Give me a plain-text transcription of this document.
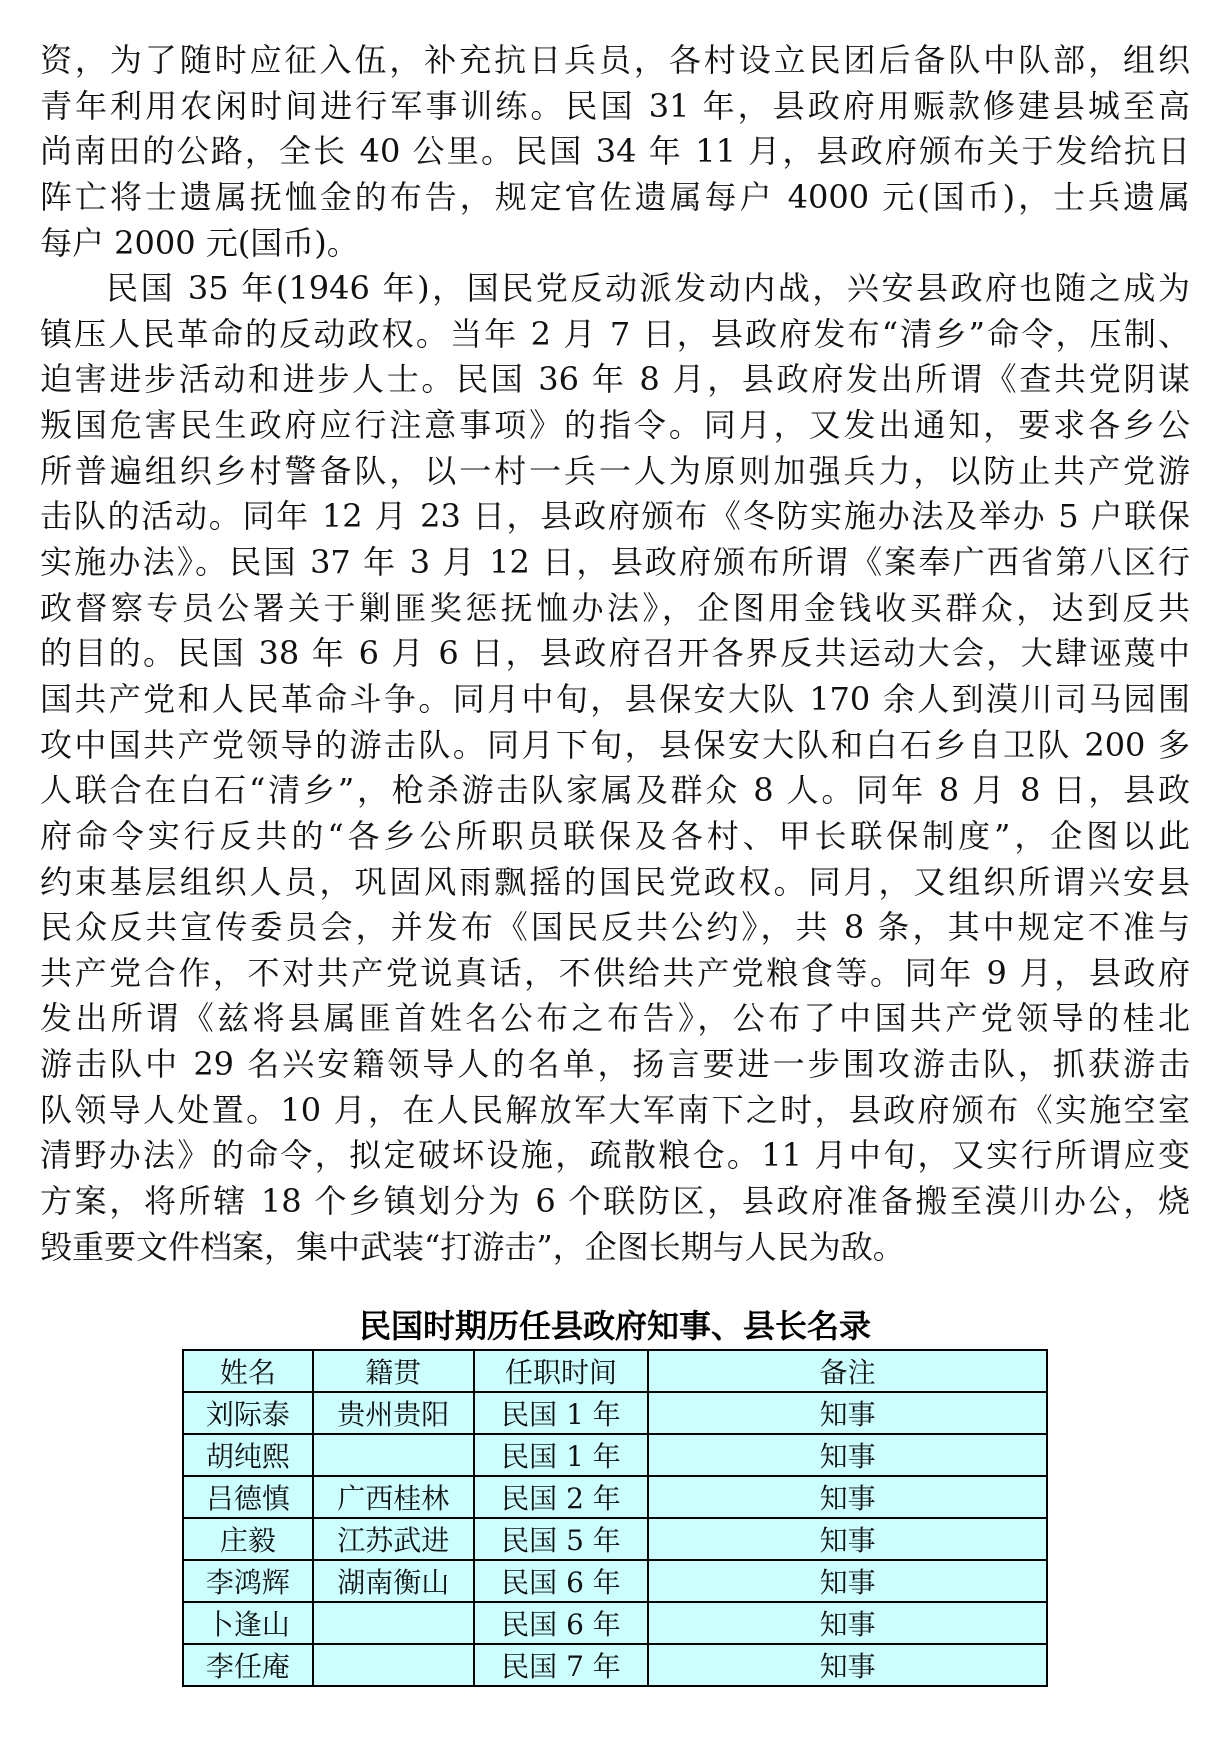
资，为了随时应征入伍，补充抗日兵员，各村设立民团后备队中队部，组织
青年利用农闲时间进行军事训练。民国 31 年，县政府用赈款修建县城至高
尚南田的公路，全长 40 公里。民国 34 年 11 月，县政府颁布关于发给抗日
阵亡将士遗属抚恤金的布告，规定官佐遗属每户 4000 元(国币)，士兵遗属
每户 2000 元(国币)。
民国 35 年(1946 年)，国民党反动派发动内战，兴安县政府也随之成为
镇压人民革命的反动政权。当年 2 月 7 日，县政府发布“清乡”命令，压制、
迫害进步活动和进步人士。民国 36 年 8 月，县政府发出所谓《查共党阴谋
叛国危害民生政府应行注意事项》的指令。同月，又发出通知，要求各乡公
所普遍组织乡村警备队，以一村一兵一人为原则加强兵力，以防止共产党游
击队的活动。同年 12 月 23 日，县政府颁布《冬防实施办法及举办 5 户联保
实施办法》。民国 37 年 3 月 12 日，县政府颁布所谓《案奉广西省第八区行
政督察专员公署关于剿匪奖惩抚恤办法》，企图用金钱收买群众，达到反共
的目的。民国 38 年 6 月 6 日，县政府召开各界反共运动大会，大肆诬蔑中
国共产党和人民革命斗争。同月中旬，县保安大队 170 余人到漠川司马园围
攻中国共产党领导的游击队。同月下旬，县保安大队和白石乡自卫队 200 多
人联合在白石“清乡”，枪杀游击队家属及群众 8 人。同年 8 月 8 日，县政
府命令实行反共的“各乡公所职员联保及各村、甲长联保制度”，企图以此
约束基层组织人员，巩固风雨飘摇的国民党政权。同月，又组织所谓兴安县
民众反共宣传委员会，并发布《国民反共公约》，共 8 条，其中规定不准与
共产党合作，不对共产党说真话，不供给共产党粮食等。同年 9 月，县政府
发出所谓《兹将县属匪首姓名公布之布告》，公布了中国共产党领导的桂北
游击队中 29 名兴安籍领导人的名单，扬言要进一步围攻游击队，抓获游击
队领导人处置。10 月，在人民解放军大军南下之时，县政府颁布《实施空室
清野办法》的命令，拟定破坏设施，疏散粮仓。11 月中旬，又实行所谓应变
方案，将所辖 18 个乡镇划分为 6 个联防区，县政府准备搬至漠川办公，烧
毁重要文件档案，集中武装“打游击”，企图长期与人民为敌。
民国时期历任县政府知事、县长名录
姓名	籍贯	任职时间	备注
刘际泰	贵州贵阳	民国 1 年	知事
胡纯熙		民国 1 年	知事
吕德慎	广西桂林	民国 2 年	知事
庄毅	江苏武进	民国 5 年	知事
李鸿辉	湖南衡山	民国 6 年	知事
卜逢山		民国 6 年	知事
李任庵		民国 7 年	知事
